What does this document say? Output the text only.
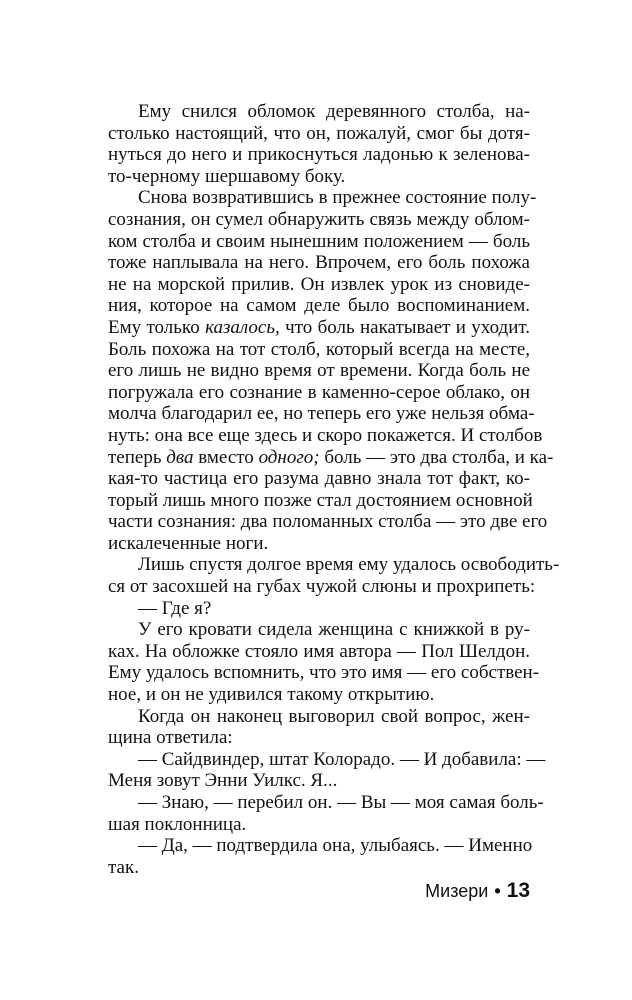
Ему снился обломок деревянного столба, на-
столько настоящий, что он, пожалуй, смог бы дотя-
нуться до него и прикоснуться ладонью к зеленова-
то-черному шершавому боку.
Снова возвратившись в прежнее состояние полу-
сознания, он сумел обнаружить связь между облом-
ком столба и своим нынешним положением — боль
тоже наплывала на него. Впрочем, его боль похожа
не на морской прилив. Он извлек урок из сновиде-
ния, которое на самом деле было воспоминанием.
Ему только казалось, что боль накатывает и уходит.
Боль похожа на тот столб, который всегда на месте,
его лишь не видно время от времени. Когда боль не
погружала его сознание в каменно-серое облако, он
молча благодарил ее, но теперь его уже нельзя обма-
нуть: она все еще здесь и скоро покажется. И столбов
теперь два вместо одного; боль — это два столба, и ка-
кая-то частица его разума давно знала тот факт, ко-
торый лишь много позже стал достоянием основной
части сознания: два поломанных столба — это две его
искалеченные ноги.
Лишь спустя долгое время ему удалось освободить-
ся от засохшей на губах чужой слюны и прохрипеть:
— Где я?
У его кровати сидела женщина с книжкой в ру-
ках. На обложке стояло имя автора — Пол Шелдон.
Ему удалось вспомнить, что это имя — его собствен-
ное, и он не удивился такому открытию.
Когда он наконец выговорил свой вопрос, жен-
щина ответила:
— Сайдвиндер, штат Колорадо. — И добавила: —
Меня зовут Энни Уилкс. Я...
— Знаю, — перебил он. — Вы — моя самая боль-
шая поклонница.
— Да, — подтвердила она, улыбаясь. — Именно
так.
Мизери • 13
